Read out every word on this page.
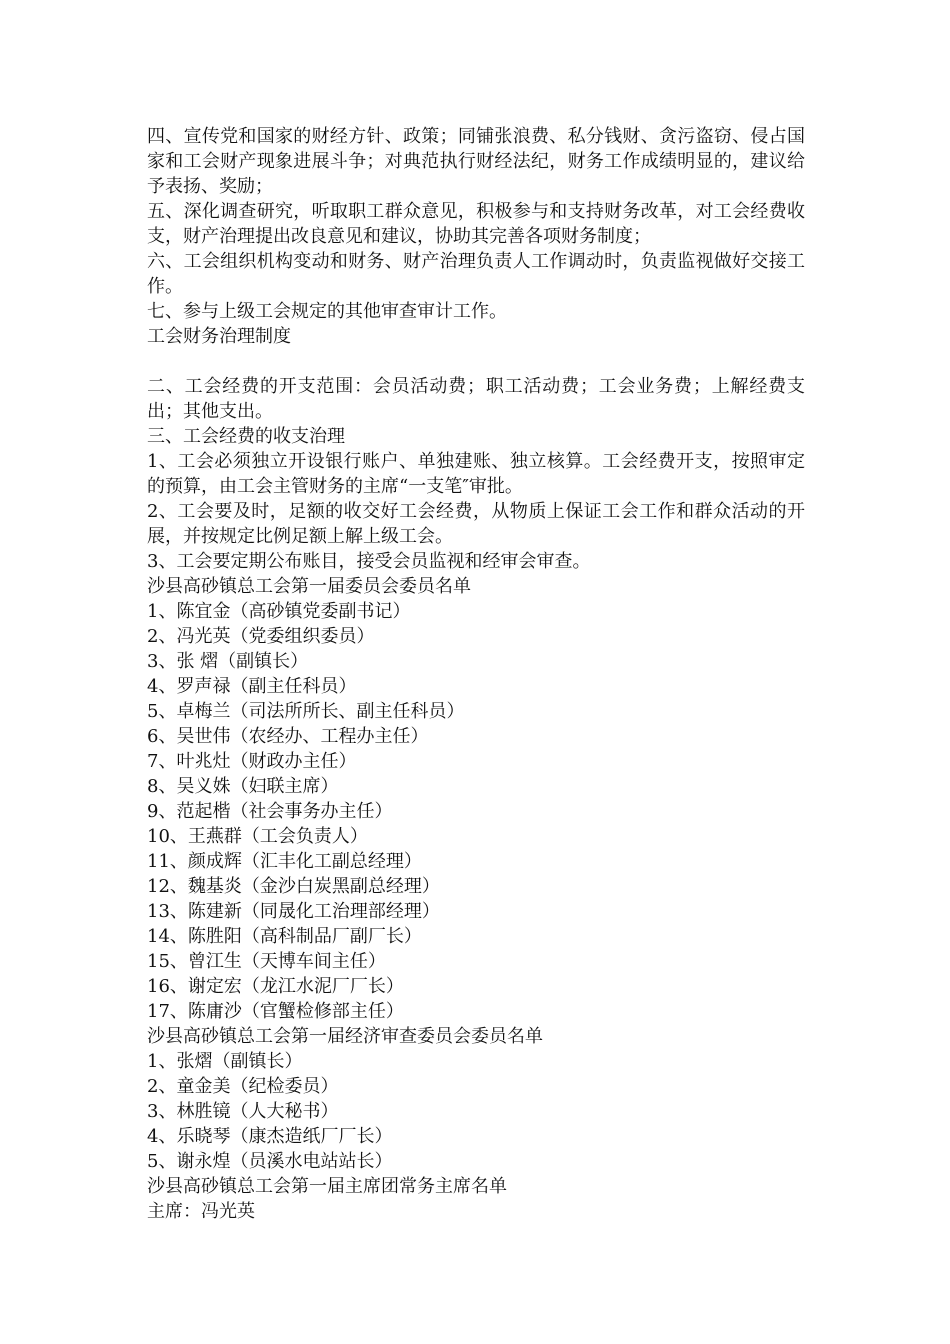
四、宣传党和国家的财经方针、政策；同铺张浪费、私分钱财、贪污盗窃、侵占国家和工会财产现象进展斗争；对典范执行财经法纪，财务工作成绩明显的，建议给予表扬、奖励；

五、深化调查研究，听取职工群众意见，积极参与和支持财务改革，对工会经费收支，财产治理提出改良意见和建议，协助其完善各项财务制度；

六、工会组织机构变动和财务、财产治理负责人工作调动时，负责监视做好交接工作。

七、参与上级工会规定的其他审查审计工作。

工会财务治理制度

二、工会经费的开支范围：会员活动费；职工活动费；工会业务费；上解经费支出；其他支出。

三、工会经费的收支治理

1、工会必须独立开设银行账户、单独建账、独立核算。工会经费开支，按照审定的预算，由工会主管财务的主席“一支笔″审批。

2、工会要及时，足额的收交好工会经费，从物质上保证工会工作和群众活动的开展，并按规定比例足额上解上级工会。

3、工会要定期公布账目，接受会员监视和经审会审查。

沙县高砂镇总工会第一届委员会委员名单

1、陈宜金（高砂镇党委副书记）

2、冯光英（党委组织委员）

3、张 熠（副镇长）

4、罗声禄（副主任科员）

5、卓梅兰（司法所所长、副主任科员）

6、吴世伟（农经办、工程办主任）

7、叶兆灶（财政办主任）

8、吴义姝（妇联主席）

9、范起楷（社会事务办主任）

10、王燕群（工会负责人）

11、颜成辉（汇丰化工副总经理）

12、魏基炎（金沙白炭黑副总经理）

13、陈建新（同晟化工治理部经理）

14、陈胜阳（高科制品厂副厂长）

15、曾江生（天博车间主任）

16、谢定宏（龙江水泥厂厂长）

17、陈庸沙（官蟹检修部主任）

沙县高砂镇总工会第一届经济审查委员会委员名单

1、张熠（副镇长）

2、童金美（纪检委员）

3、林胜镜（人大秘书）

4、乐晓琴（康杰造纸厂厂长）

5、谢永煌（员溪水电站站长）

沙县高砂镇总工会第一届主席团常务主席名单

主席：冯光英
